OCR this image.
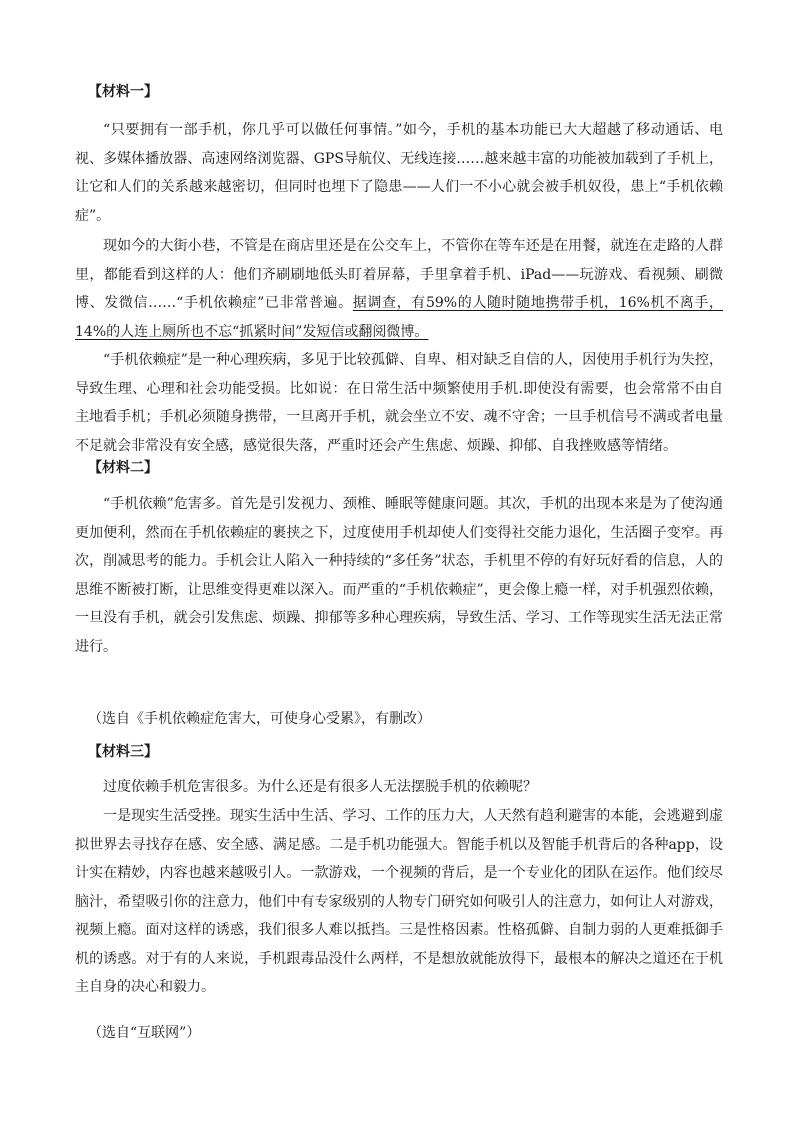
【材料一】

“只要拥有一部手机，你几乎可以做任何事情。”如今，手机的基本功能已大大超越了移动通话、电视、多媒体播放器、高速网络浏览器、GPS导航仪、无线连接……越来越丰富的功能被加载到了手机上，让它和人们的关系越来越密切，但同时也埋下了隐患——人们一不小心就会被手机奴役，患上“手机依赖症”。

现如今的大街小巷，不管是在商店里还是在公交车上，不管你在等车还是在用餐，就连在走路的人群里，都能看到这样的人：他们齐刷刷地低头盯着屏幕，手里拿着手机、iPad——玩游戏、看视频、刷微博、发微信……“手机依赖症”已非常普遍。据调查，有59%的人随时随地携带手机，16%机不离手，14%的人连上厕所也不忘“抓紧时间”发短信或翻阅微博。

“手机依赖症”是一种心理疾病，多见于比较孤僻、自卑、相对缺乏自信的人，因使用手机行为失控，导致生理、心理和社会功能受损。比如说：在日常生活中频繁使用手机.即使没有需要，也会常常不由自主地看手机；手机必须随身携带，一旦离开手机，就会坐立不安、魂不守舍；一旦手机信号不满或者电量不足就会非常没有安全感，感觉很失落，严重时还会产生焦虑、烦躁、抑郁、自我挫败感等情绪。

【材料二】

“手机依赖”危害多。首先是引发视力、颈椎、睡眠等健康问题。其次，手机的出现本来是为了使沟通更加便利，然而在手机依赖症的裹挟之下，过度使用手机却使人们变得社交能力退化，生活圈子变窄。再次，削减思考的能力。手机会让人陷入一种持续的“多任务”状态，手机里不停的有好玩好看的信息，人的思维不断被打断，让思维变得更难以深入。而严重的“手机依赖症”，更会像上瘾一样，对手机强烈依赖，一旦没有手机，就会引发焦虑、烦躁、抑郁等多种心理疾病，导致生活、学习、工作等现实生活无法正常进行。

（选自《手机依赖症危害大，可使身心受累》，有删改）
【材料三】

过度依赖手机危害很多。为什么还是有很多人无法摆脱手机的依赖呢？

一是现实生活受挫。现实生活中生活、学习、工作的压力大，人天然有趋利避害的本能，会逃避到虚拟世界去寻找存在感、安全感、满足感。二是手机功能强大。智能手机以及智能手机背后的各种app，设计实在精妙，内容也越来越吸引人。一款游戏，一个视频的背后，是一个专业化的团队在运作。他们绞尽脑汁，希望吸引你的注意力，他们中有专家级别的人物专门研究如何吸引人的注意力，如何让人对游戏，视频上瘾。面对这样的诱惑，我们很多人难以抵挡。三是性格因素。性格孤僻、自制力弱的人更难抵御手机的诱惑。对于有的人来说，手机跟毒品没什么两样，不是想放就能放得下，最根本的解决之道还在于机主自身的决心和毅力。

（选自“互联网”）
